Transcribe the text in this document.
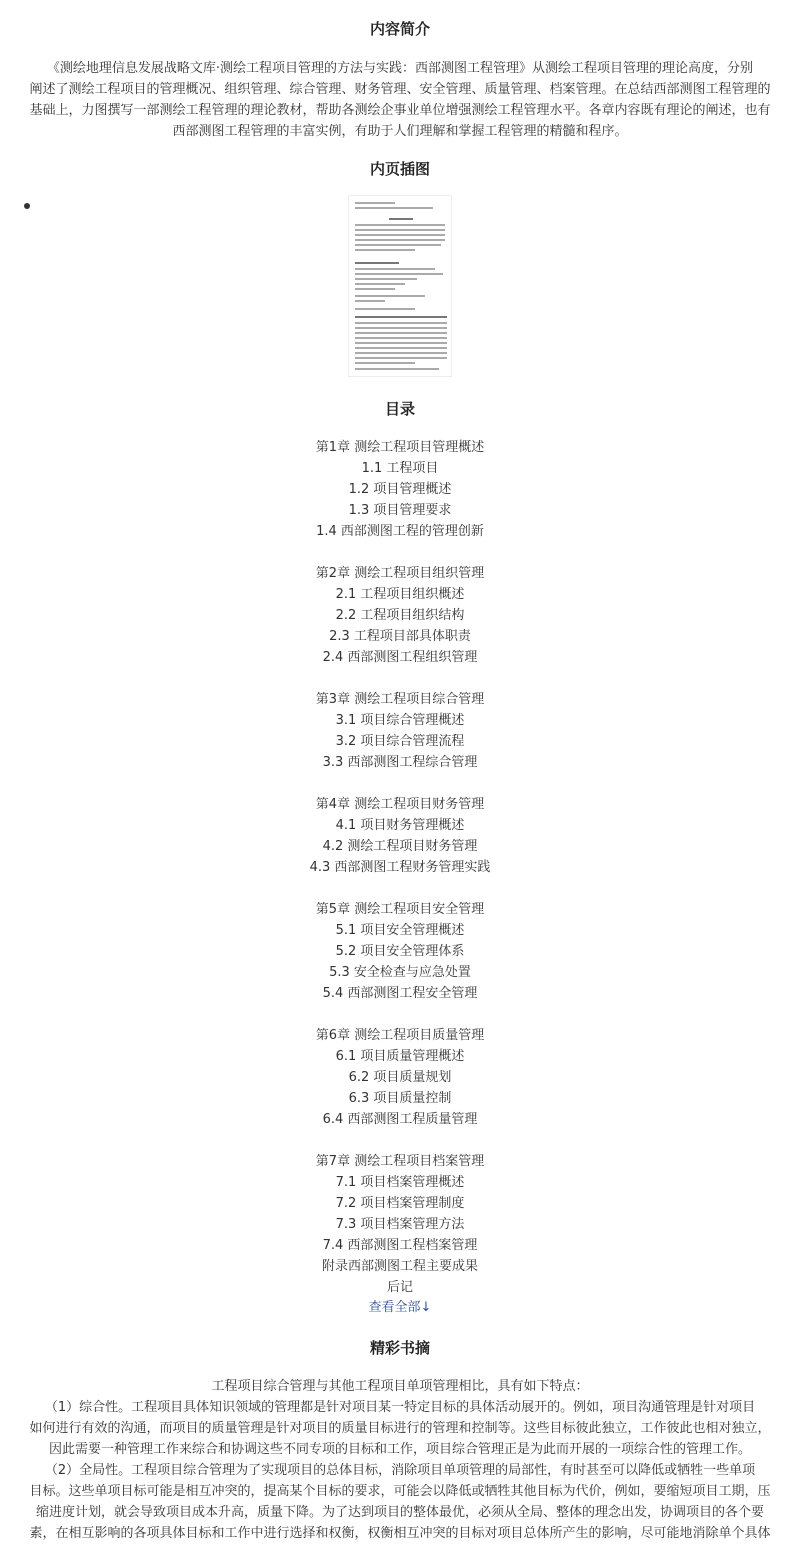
内容简介
《测绘地理信息发展战略文库·测绘工程项目管理的方法与实践：西部测图工程管理》从测绘工程项目管理的理论高度，分别
阐述了测绘工程项目的管理概况、组织管理、综合管理、财务管理、安全管理、质量管理、档案管理。在总结西部测图工程管理的
基础上，力图撰写一部测绘工程管理的理论教材，帮助各测绘企事业单位增强测绘工程管理水平。各章内容既有理论的阐述，也有
西部测图工程管理的丰富实例，有助于人们理解和掌握工程管理的精髓和程序。
内页插图
目录
第1章 测绘工程项目管理概述
1.1 工程项目
1.2 项目管理概述
1.3 项目管理要求
1.4 西部测图工程的管理创新
第2章 测绘工程项目组织管理
2.1 工程项目组织概述
2.2 工程项目组织结构
2.3 工程项目部具体职责
2.4 西部测图工程组织管理
第3章 测绘工程项目综合管理
3.1 项目综合管理概述
3.2 项目综合管理流程
3.3 西部测图工程综合管理
第4章 测绘工程项目财务管理
4.1 项目财务管理概述
4.2 测绘工程项目财务管理
4.3 西部测图工程财务管理实践
第5章 测绘工程项目安全管理
5.1 项目安全管理概述
5.2 项目安全管理体系
5.3 安全检查与应急处置
5.4 西部测图工程安全管理
第6章 测绘工程项目质量管理
6.1 项目质量管理概述
6.2 项目质量规划
6.3 项目质量控制
6.4 西部测图工程质量管理
第7章 测绘工程项目档案管理
7.1 项目档案管理概述
7.2 项目档案管理制度
7.3 项目档案管理方法
7.4 西部测图工程档案管理
附录西部测图工程主要成果
后记
查看全部↓
精彩书摘
工程项目综合管理与其他工程项目单项管理相比，具有如下特点：
（1）综合性。工程项目具体知识领域的管理都是针对项目某一特定目标的具体活动展开的。例如，项目沟通管理是针对项目
如何进行有效的沟通，而项目的质量管理是针对项目的质量目标进行的管理和控制等。这些目标彼此独立，工作彼此也相对独立，
因此需要一种管理工作来综合和协调这些不同专项的目标和工作，项目综合管理正是为此而开展的一项综合性的管理工作。
（2）全局性。工程项目综合管理为了实现项目的总体目标，消除项目单项管理的局部性，有时甚至可以降低或牺牲一些单项
目标。这些单项目标可能是相互冲突的，提高某个目标的要求，可能会以降低或牺牲其他目标为代价，例如，要缩短项目工期，压
缩进度计划，就会导致项目成本升高，质量下降。为了达到项目的整体最优，必须从全局、整体的理念出发，协调项目的各个要
素，在相互影响的各项具体目标和工作中进行选择和权衡，权衡相互冲突的目标对项目总体所产生的影响，尽可能地消除单个具体
